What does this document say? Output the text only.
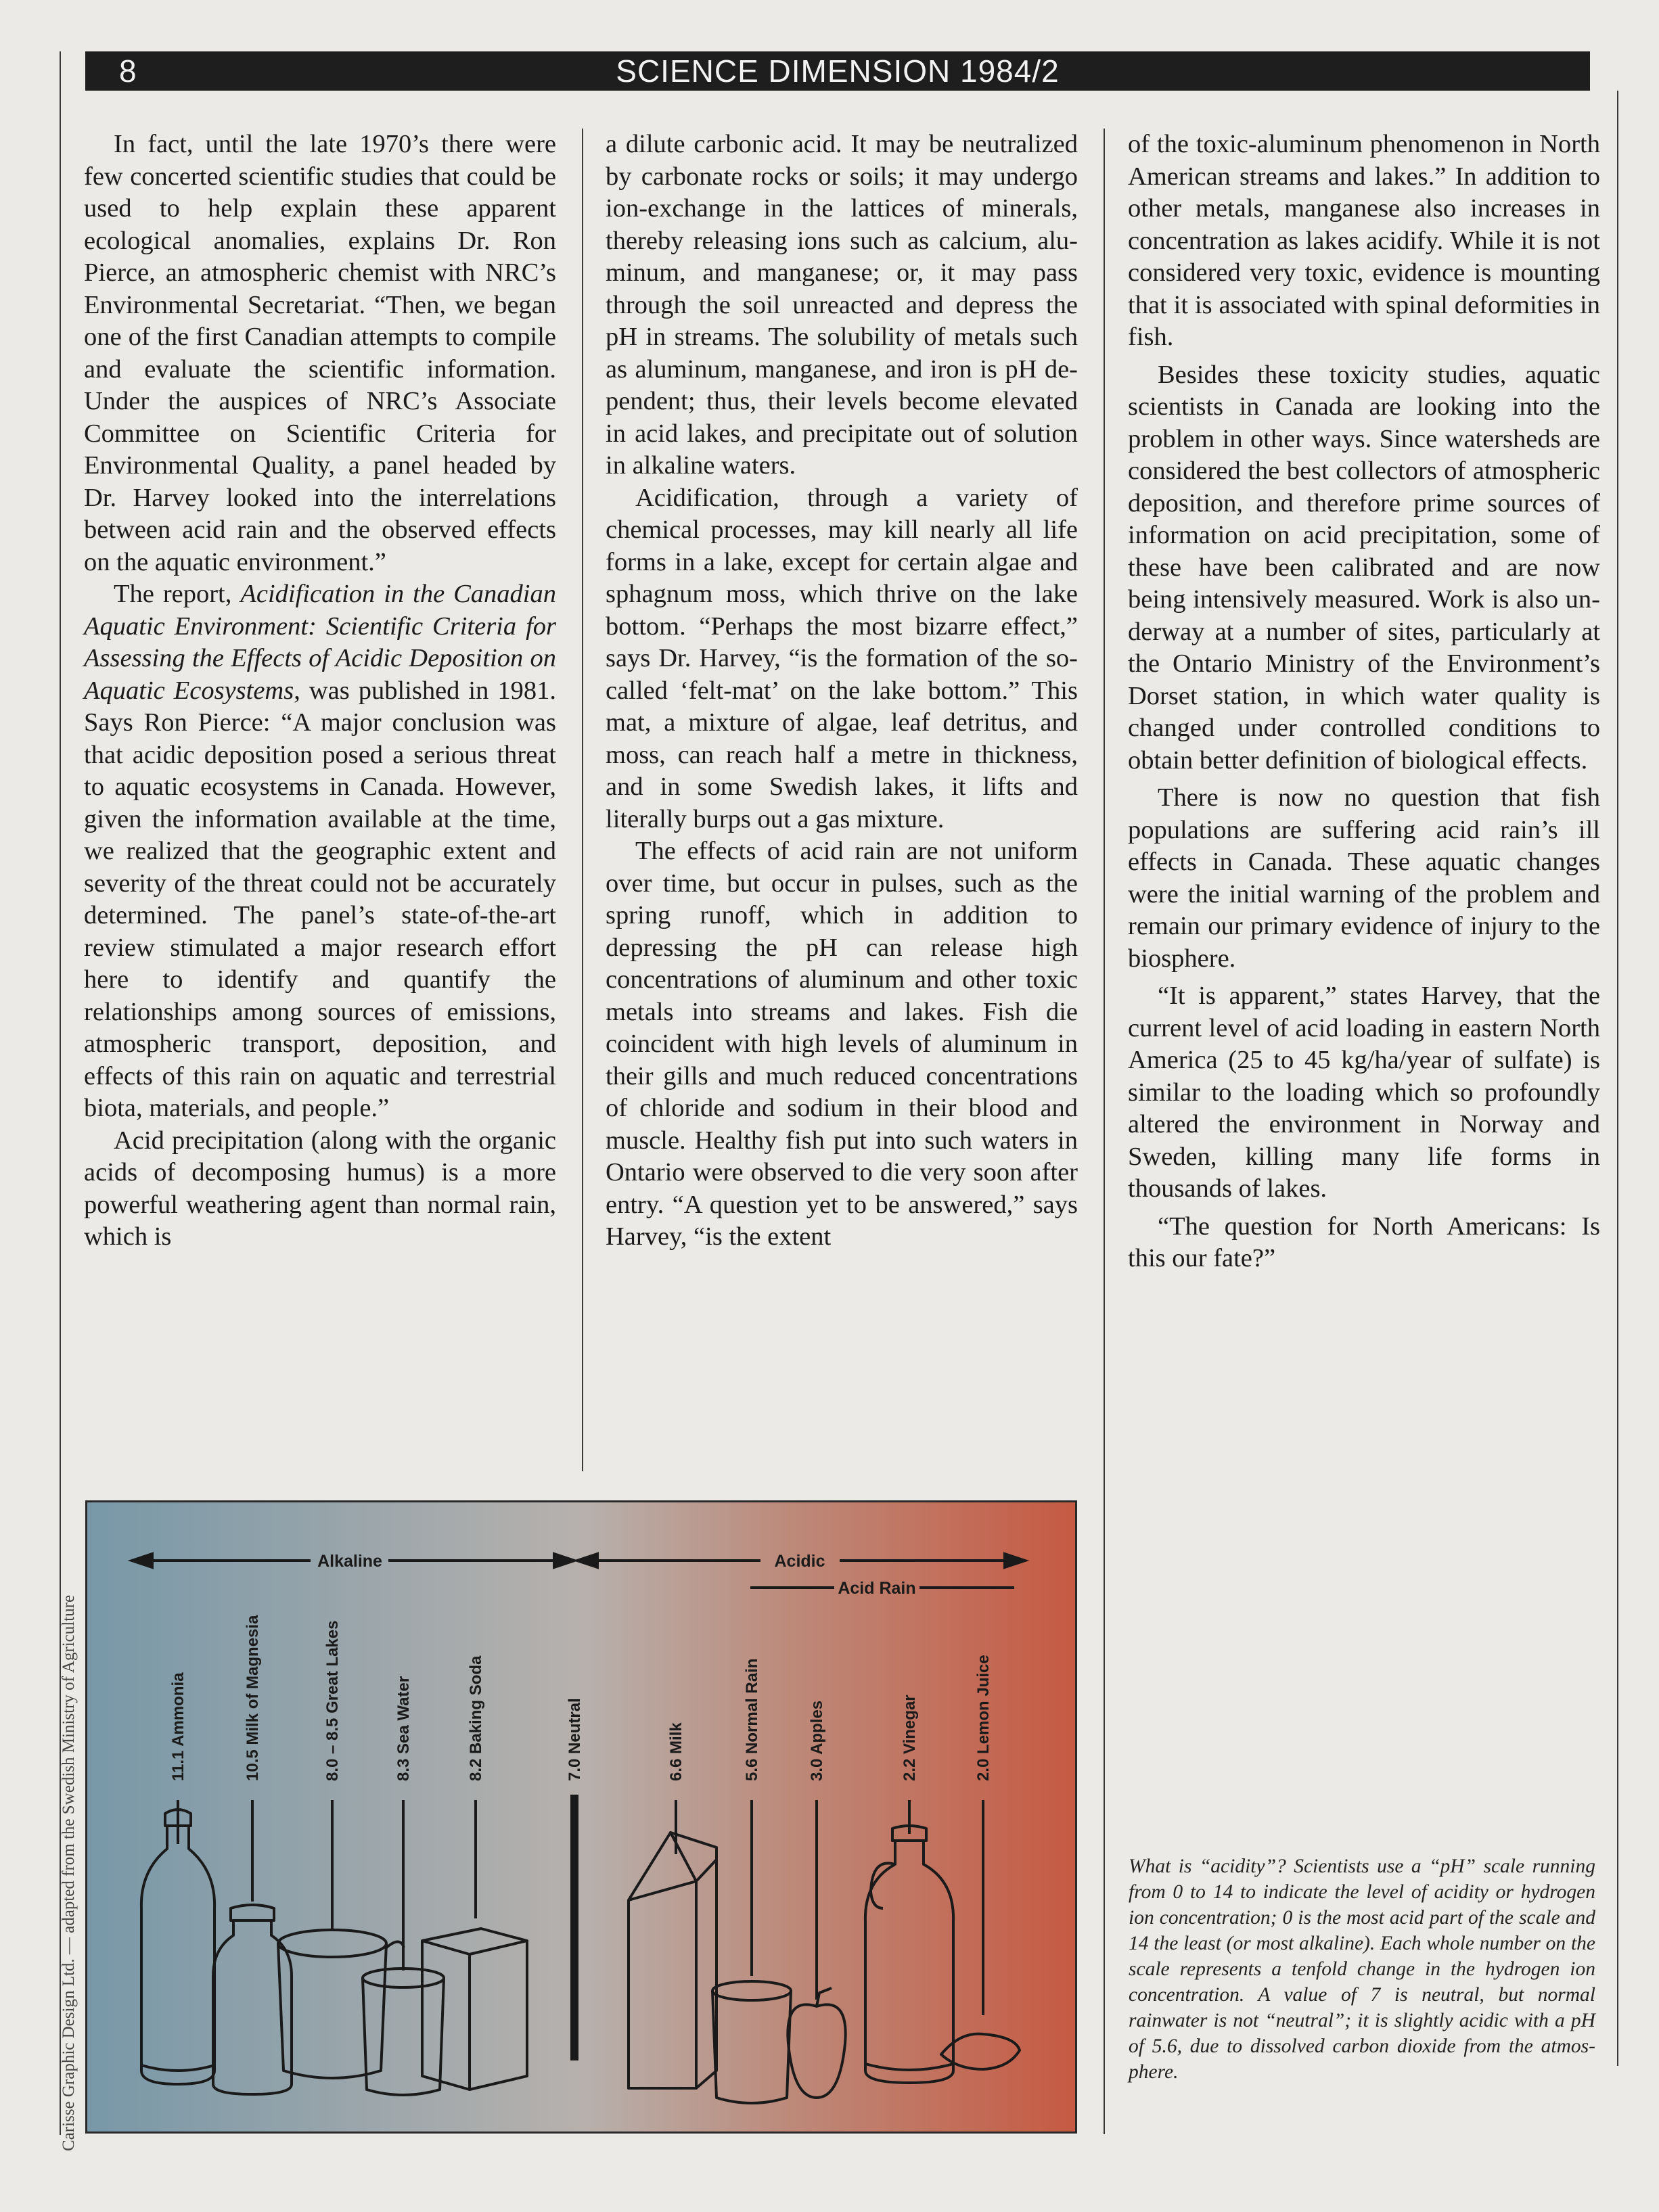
8	SCIENCE DIMENSION 1984/2

In fact, until the late 1970’s there were few concerted scientific studies that could be used to help explain these apparent ecological anomalies, explains Dr. Ron Pierce, an atmospheric chemist with NRC’s Environmental Secretariat. “Then, we began one of the first Canadian attempts to compile and evaluate the scientific information. Under the auspices of NRC’s Associate Committee on Scientific Criteria for Environmental Quality, a panel headed by Dr. Harvey looked into the interrelations between acid rain and the observed effects on the aquatic environment.”

The report, Acidification in the Canadian Aquatic Environment: Scientific Criteria for Assessing the Effects of Acidic Deposition on Aquatic Ecosystems, was published in 1981. Says Ron Pierce: “A major conclusion was that acidic deposition posed a serious threat to aquatic ecosystems in Canada. However, given the information available at the time, we realized that the geographic extent and severity of the threat could not be accurately determined. The panel’s state-of-the-art review stimulated a major research effort here to identify and quantify the relationships among sources of emissions, atmospheric transport, deposition, and effects of this rain on aquatic and terrestrial biota, materials, and people.”

Acid precipitation (along with the organic acids of decomposing humus) is a more powerful weathering agent than normal rain, which is

a dilute carbonic acid. It may be neutralized by carbonate rocks or soils; it may undergo ion-exchange in the lattices of minerals, thereby releasing ions such as calcium, aluminum, and manganese; or, it may pass through the soil unreacted and depress the pH in streams. The solubility of metals such as aluminum, manganese, and iron is pH dependent; thus, their levels become elevated in acid lakes, and precipitate out of solution in alkaline waters.

Acidification, through a variety of chemical processes, may kill nearly all life forms in a lake, except for certain algae and sphagnum moss, which thrive on the lake bottom. “Perhaps the most bizarre effect,” says Dr. Harvey, “is the formation of the so-called ‘felt-mat’ on the lake bottom.” This mat, a mixture of algae, leaf detritus, and moss, can reach half a metre in thickness, and in some Swedish lakes, it lifts and literally burps out a gas mixture.

The effects of acid rain are not uniform over time, but occur in pulses, such as the spring runoff, which in addition to depressing the pH can release high concentrations of aluminum and other toxic metals into streams and lakes. Fish die coincident with high levels of aluminum in their gills and much reduced concentrations of chloride and sodium in their blood and muscle. Healthy fish put into such waters in Ontario were observed to die very soon after entry. “A question yet to be answered,” says Harvey, “is the extent

of the toxic-aluminum phenomenon in North American streams and lakes.” In addition to other metals, manganese also increases in concentration as lakes acidify. While it is not considered very toxic, evidence is mounting that it is associated with spinal deformities in fish.

Besides these toxicity studies, aquatic scientists in Canada are looking into the problem in other ways. Since watersheds are considered the best collectors of atmospheric deposition, and therefore prime sources of information on acid precipitation, some of these have been calibrated and are now being intensively measured. Work is also underway at a number of sites, particularly at the Ontario Ministry of the Environment’s Dorset station, in which water quality is changed under controlled conditions to obtain better definition of biological effects.

There is now no question that fish populations are suffering acid rain’s ill effects in Canada. These aquatic changes were the initial warning of the problem and remain our primary evidence of injury to the biosphere.

“It is apparent,” states Harvey, that the current level of acid loading in eastern North America (25 to 45 kg/ha/year of sulfate) is similar to the loading which so profoundly altered the environment in Norway and Sweden, killing many life forms in thousands of lakes.

“The question for North Americans: Is this our fate?”

Carisse Graphic Design Ltd. — adapted from the Swedish Ministry of Agriculture
Alkaline	Acidic
Acid Rain
11.1 Ammonia	10.5 Milk of Magnesia	8.0 – 8.5 Great Lakes	8.3 Sea Water	8.2 Baking Soda	7.0 Neutral	6.6 Milk	5.6 Normal Rain	3.0 Apples	2.2 Vinegar	2.0 Lemon Juice
What is “acidity”? Scientists use a “pH” scale running from 0 to 14 to indicate the level of acidity or hydrogen ion concentration; 0 is the most acid part of the scale and 14 the least (or most alkaline). Each whole number on the scale represents a tenfold change in the hydrogen ion concentration. A value of 7 is neutral, but normal rainwater is not “neutral”; it is slightly acidic with a pH of 5.6, due to dissolved carbon dioxide from the atmosphere.
